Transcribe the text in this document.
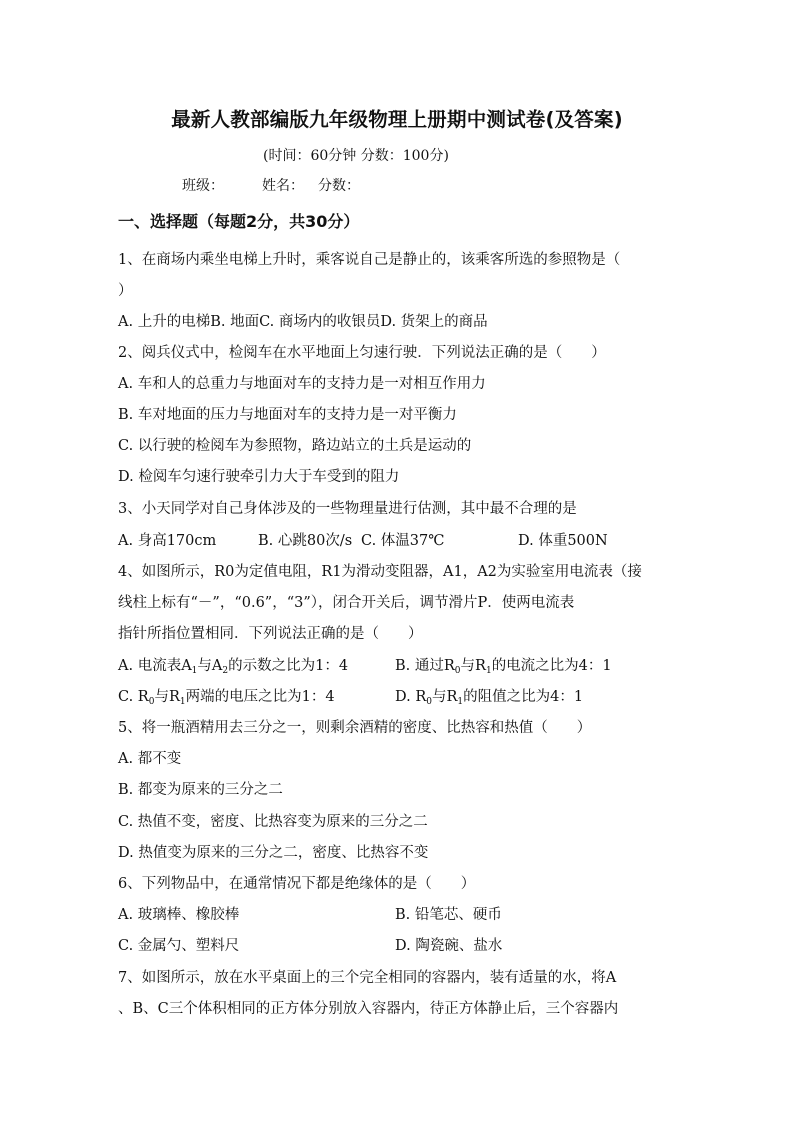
最新人教部编版九年级物理上册期中测试卷(及答案)
(时间：60分钟 分数：100分)
班级：	姓名： 分数：
一、选择题（每题2分，共30分）
1、在商场内乘坐电梯上升时，乘客说自己是静止的，该乘客所选的参照物是（
）
A. 上升的电梯B. 地面C. 商场内的收银员D. 货架上的商品
2、阅兵仪式中，检阅车在水平地面上匀速行驶．下列说法正确的是（　　）
A. 车和人的总重力与地面对车的支持力是一对相互作用力
B. 车对地面的压力与地面对车的支持力是一对平衡力
C. 以行驶的检阅车为参照物，路边站立的土兵是运动的
D. 检阅车匀速行驶牵引力大于车受到的阻力
3、小天同学对自己身体涉及的一些物理量进行估测，其中最不合理的是
A. 身高170cm	B. 心跳80次/s C. 体温37℃	D. 体重500N
4、如图所示，R0为定值电阻，R1为滑动变阻器，A1，A2为实验室用电流表（接
线柱上标有“－”，“0.6”，“3”），闭合开关后，调节滑片P．使两电流表
指针所指位置相同．下列说法正确的是（　　）
A. 电流表$A_1$与$A_2$的示数之比为1：4	B. 通过$R_0$与$R_1$的电流之比为4：1
C. $R_0$与$R_1$两端的电压之比为1：4	D. $R_0$与$R_1$的阻值之比为4：1
5、将一瓶酒精用去三分之一，则剩余酒精的密度、比热容和热值（　　）
A. 都不变
B. 都变为原来的三分之二
C. 热值不变，密度、比热容变为原来的三分之二
D. 热值变为原来的三分之二，密度、比热容不变
6、下列物品中，在通常情况下都是绝缘体的是（　　）
A. 玻璃棒、橡胶棒	B. 铅笔芯、硬币
C. 金属勺、塑料尺	D. 陶瓷碗、盐水
7、如图所示，放在水平桌面上的三个完全相同的容器内，装有适量的水，将A
、B、C三个体积相同的正方体分别放入容器内，待正方体静止后，三个容器内
